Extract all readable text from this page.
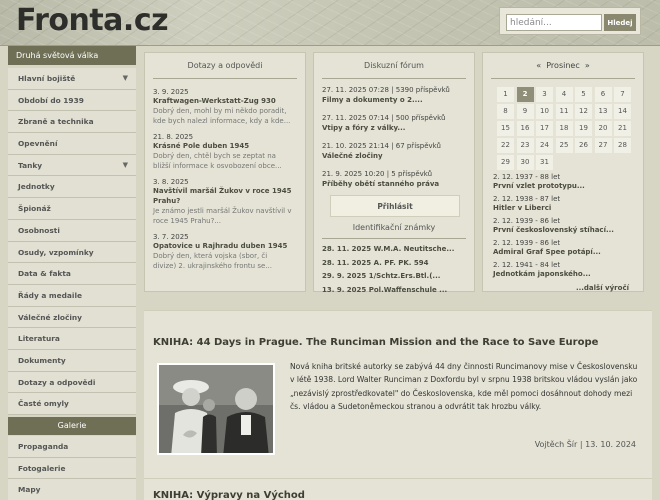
Fronta.cz
hledání...	Hledej
Druhá světová válka
Hlavní bojiště	▼
Období do 1939
Zbraně a technika
Opevnění
Tanky	▼
Jednotky
Špionáž
Osobnosti
Osudy, vzpomínky
Data & fakta
Řády a medaile
Válečné zločiny
Literatura
Dokumenty
Dotazy a odpovědi
Časté omyly
Galerie
Propaganda
Fotogalerie
Mapy
Dotazy a odpovědi
3. 9. 2025
Kraftwagen-Werkstatt-Zug 930
Dobrý den, mohl by mi někdo poradit,
kde bych nalezl informace, kdy a kde...
21. 8. 2025
Krásné Pole duben 1945
Dobrý den, chtěl bych se zeptat na
bližší informace k osvobození obce...
3. 8. 2025
Navštívil maršál Žukov v roce 1945
Prahu?
Je známo jestli maršál Žukov navštívil v
roce 1945 Prahu?...
3. 7. 2025
Opatovice u Rajhradu duben 1945
Dobrý den, která vojska (sbor, či
divize) 2. ukrajinského frontu se...
Diskuzní fórum
27. 11. 2025 07:28 | 5390 příspěvků
Filmy a dokumenty o 2....
27. 11. 2025 07:14 | 500 příspěvků
Vtipy a fóry z války...
21. 10. 2025 21:14 | 67 příspěvků
Válečné zločiny
21. 9. 2025 10:20 | 5 příspěvků
Příběhy obětí stanného práva
Přihlásit
Identifikační známky
28. 11. 2025 W.M.A. Neutitsche...
28. 11. 2025 A. PF. PK. 594
29. 9. 2025 1/Schtz.Ers.Btl.(...
13. 9. 2025 Pol.Waffenschule ...
« Prosinec »
1	2	3	4	5	6	7
8	9	10	11	12	13	14
15	16	17	18	19	20	21
22	23	24	25	26	27	28
29	30	31
2. 12. 1937 - 88 let
První vzlet prototypu...
2. 12. 1938 - 87 let
Hitler v Liberci
2. 12. 1939 - 86 let
První československý stíhací...
2. 12. 1939 - 86 let
Admiral Graf Spee potápí...
2. 12. 1941 - 84 let
Jednotkám japonského...
...další výročí
KNIHA: 44 Days in Prague. The Runciman Mission and the Race to Save Europe
Nová kniha britské autorky se zabývá 44 dny činnosti Runcimanovy mise v Československu v létě 1938. Lord Walter Runciman z Doxfordu byl v srpnu 1938 britskou vládou vyslán jako „nezávislý zprostředkovatel" do Československa, kde měl pomoci dosáhnout dohody mezi čs. vládou a Sudetoněmeckou stranou a odvrátit tak hrozbu války.
Vojtěch Šír | 13. 10. 2024
KNIHA: Výpravy na Východ
